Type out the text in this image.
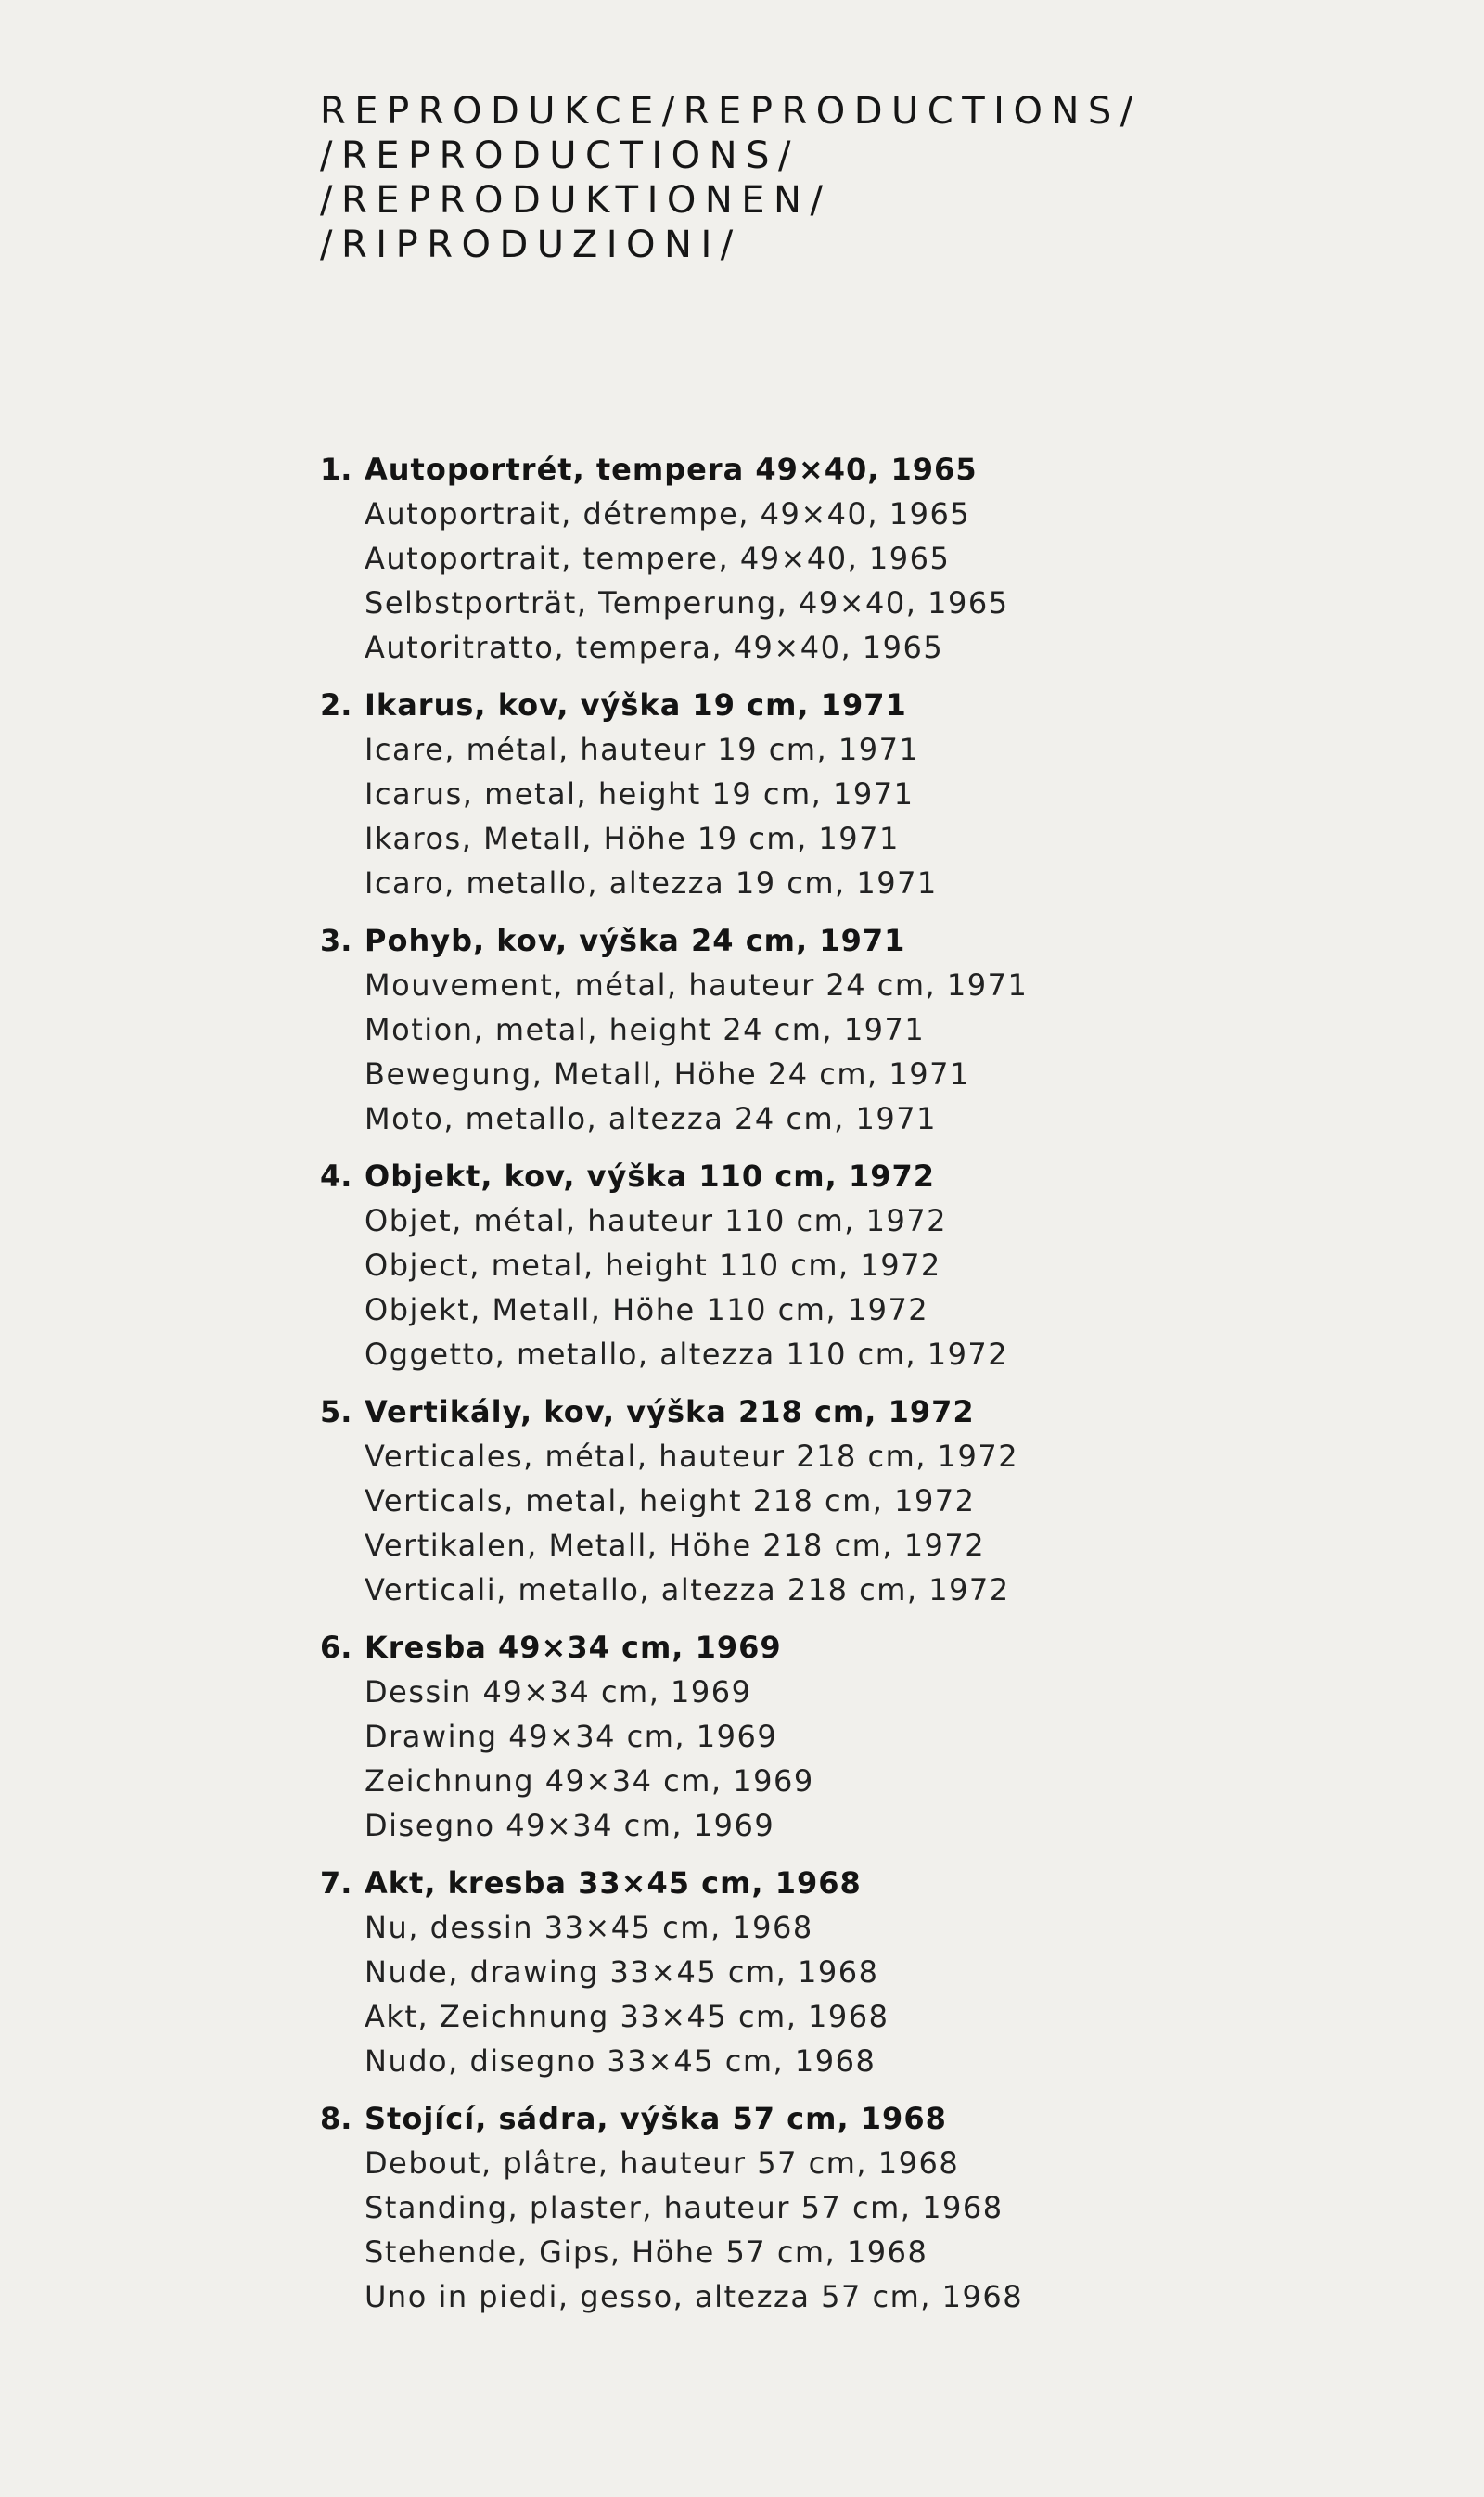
REPRODUKCE/REPRODUCTIONS/
/REPRODUCTIONS/
/REPRODUKTIONEN/
/RIPRODUZIONI/
1. Autoportrét, tempera 49×40, 1965
Autoportrait, détrempe, 49×40, 1965
Autoportrait, tempere, 49×40, 1965
Selbstporträt, Temperung, 49×40, 1965
Autoritratto, tempera, 49×40, 1965
2. Ikarus, kov, výška 19 cm, 1971
Icare, métal, hauteur 19 cm, 1971
Icarus, metal, height 19 cm, 1971
Ikaros, Metall, Höhe 19 cm, 1971
Icaro, metallo, altezza 19 cm, 1971
3. Pohyb, kov, výška 24 cm, 1971
Mouvement, métal, hauteur 24 cm, 1971
Motion, metal, height 24 cm, 1971
Bewegung, Metall, Höhe 24 cm, 1971
Moto, metallo, altezza 24 cm, 1971
4. Objekt, kov, výška 110 cm, 1972
Objet, métal, hauteur 110 cm, 1972
Object, metal, height 110 cm, 1972
Objekt, Metall, Höhe 110 cm, 1972
Oggetto, metallo, altezza 110 cm, 1972
5. Vertikály, kov, výška 218 cm, 1972
Verticales, métal, hauteur 218 cm, 1972
Verticals, metal, height 218 cm, 1972
Vertikalen, Metall, Höhe 218 cm, 1972
Verticali, metallo, altezza 218 cm, 1972
6. Kresba 49×34 cm, 1969
Dessin 49×34 cm, 1969
Drawing 49×34 cm, 1969
Zeichnung 49×34 cm, 1969
Disegno 49×34 cm, 1969
7. Akt, kresba 33×45 cm, 1968
Nu, dessin 33×45 cm, 1968
Nude, drawing 33×45 cm, 1968
Akt, Zeichnung 33×45 cm, 1968
Nudo, disegno 33×45 cm, 1968
8. Stojící, sádra, výška 57 cm, 1968
Debout, plâtre, hauteur 57 cm, 1968
Standing, plaster, hauteur 57 cm, 1968
Stehende, Gips, Höhe 57 cm, 1968
Uno in piedi, gesso, altezza 57 cm, 1968
